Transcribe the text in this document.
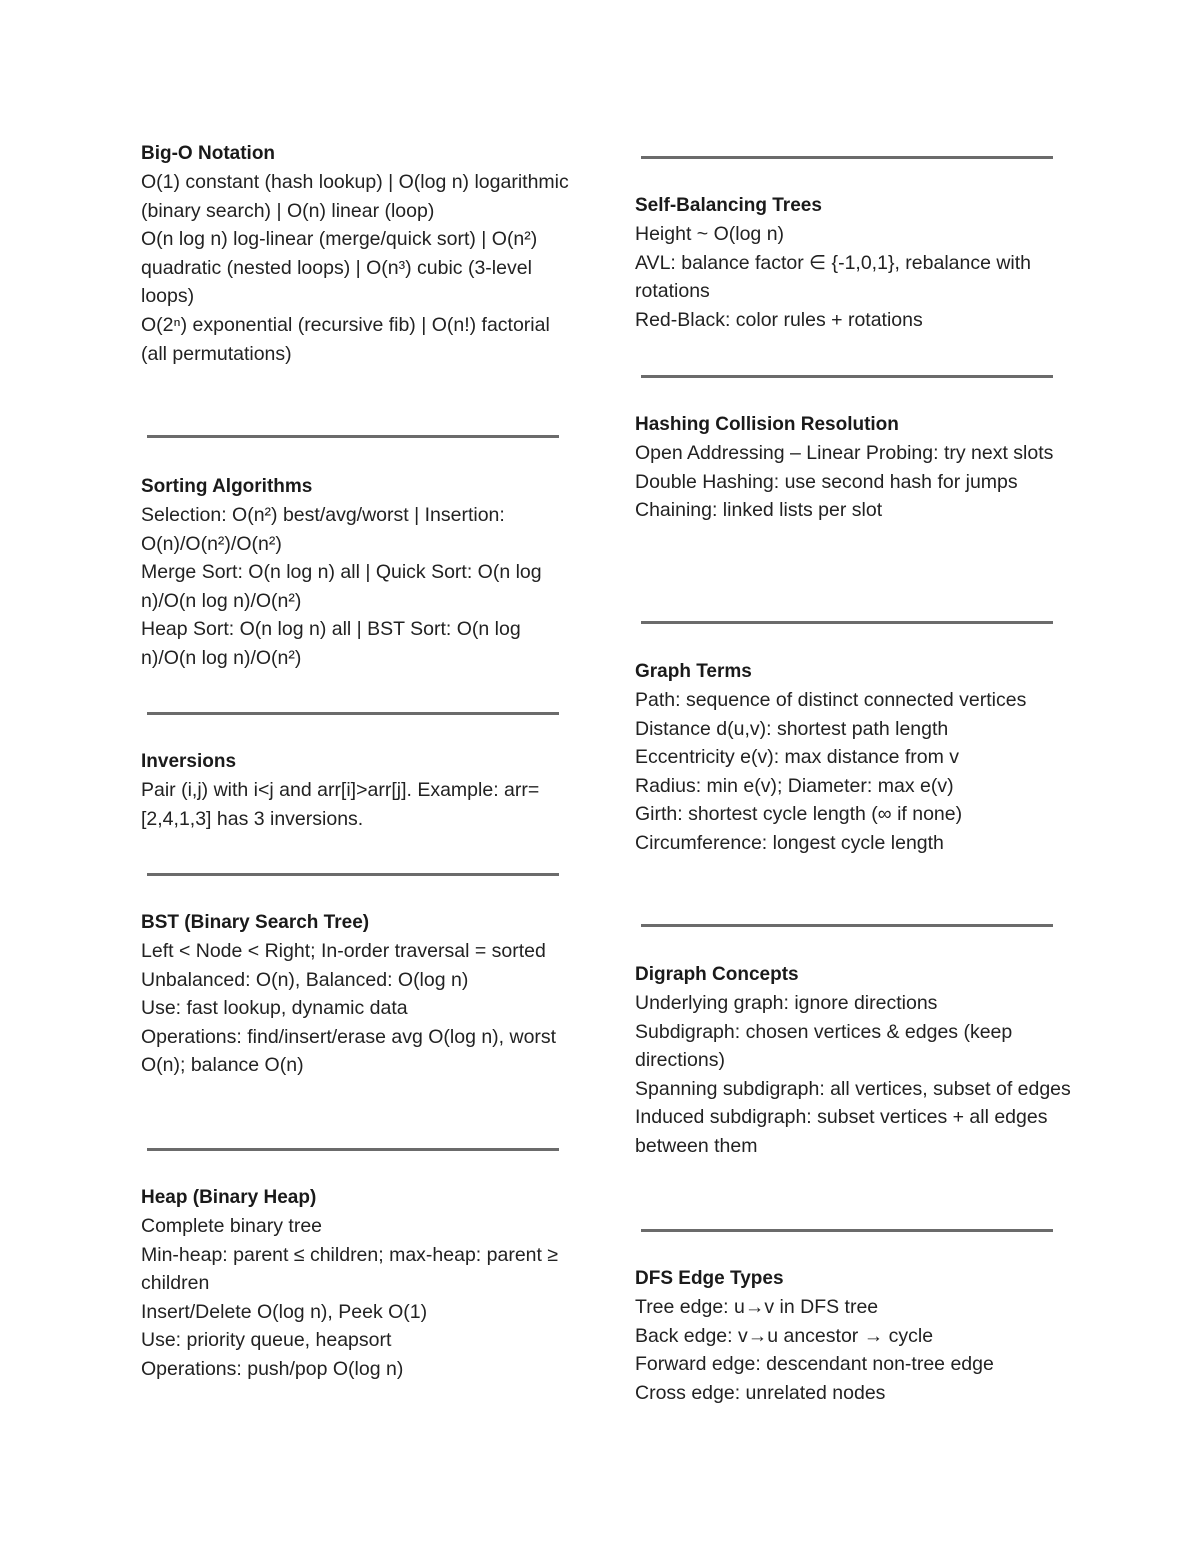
Big-O Notation
O(1) constant (hash lookup) | O(log n) logarithmic (binary search) | O(n) linear (loop)
O(n log n) log-linear (merge/quick sort) | O(n²) quadratic (nested loops) | O(n³) cubic (3-level loops)
O(2ⁿ) exponential (recursive fib) | O(n!) factorial (all permutations)
Sorting Algorithms
Selection: O(n²) best/avg/worst | Insertion: O(n)/O(n²)/O(n²)
Merge Sort: O(n log n) all | Quick Sort: O(n log n)/O(n log n)/O(n²)
Heap Sort: O(n log n) all | BST Sort: O(n log n)/O(n log n)/O(n²)
Inversions
Pair (i,j) with i<j and arr[i]>arr[j]. Example: arr=[2,4,1,3] has 3 inversions.
BST (Binary Search Tree)
Left < Node < Right; In-order traversal = sorted
Unbalanced: O(n), Balanced: O(log n)
Use: fast lookup, dynamic data
Operations: find/insert/erase avg O(log n), worst O(n); balance O(n)
Heap (Binary Heap)
Complete binary tree
Min-heap: parent ≤ children; max-heap: parent ≥ children
Insert/Delete O(log n), Peek O(1)
Use: priority queue, heapsort
Operations: push/pop O(log n)
Self-Balancing Trees
Height ~ O(log n)
AVL: balance factor ∈ {-1,0,1}, rebalance with rotations
Red-Black: color rules + rotations
Hashing Collision Resolution
Open Addressing – Linear Probing: try next slots
Double Hashing: use second hash for jumps
Chaining: linked lists per slot
Graph Terms
Path: sequence of distinct connected vertices
Distance d(u,v): shortest path length
Eccentricity e(v): max distance from v
Radius: min e(v); Diameter: max e(v)
Girth: shortest cycle length (∞ if none)
Circumference: longest cycle length
Digraph Concepts
Underlying graph: ignore directions
Subdigraph: chosen vertices & edges (keep directions)
Spanning subdigraph: all vertices, subset of edges
Induced subdigraph: subset vertices + all edges between them
DFS Edge Types
Tree edge: u→v in DFS tree
Back edge: v→u ancestor → cycle
Forward edge: descendant non-tree edge
Cross edge: unrelated nodes
